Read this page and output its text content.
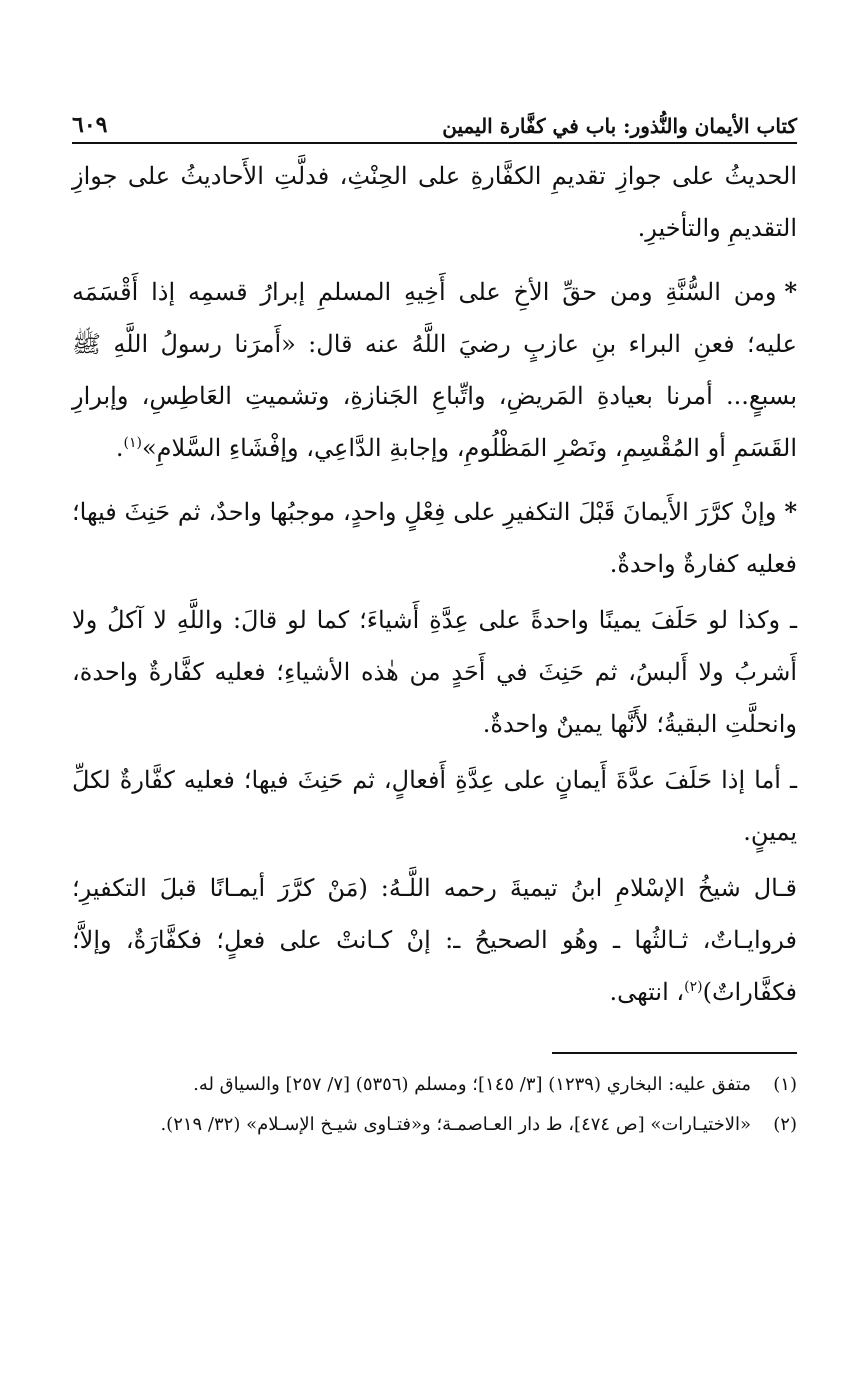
كتاب الأيمان والنُّذور: باب في كفَّارة اليمين
٦٠٩

الحديثُ على جوازِ تقديمِ الكفَّارةِ على الحِنْثِ، فدلَّتِ الأَحاديثُ على جوازِ التقديمِ والتأخيرِ.

*ومن السُّنَّةِ ومن حقِّ الأخِ على أَخِيهِ المسلمِ إبرارُ قسمِه إذا أَقْسَمَه عليه؛ فعنِ البراء بنِ عازبٍ رضيَ اللَّهُ عنه قال: «أَمرَنا رسولُ اللَّهِ ﷺ بسبعٍ... أمرنا بعيادةِ المَريضِ، واتِّباعِ الجَنازةِ، وتشميتِ العَاطِسِ، وإبرارِ القَسَمِ أو المُقْسِمِ، ونَصْرِ المَظْلُومِ، وإجابةِ الدَّاعِي، وإفْشَاءِ السَّلامِ»$^{(١)}$.

*وإنْ كرَّرَ الأَيمانَ قَبْلَ التكفيرِ على فِعْلٍ واحدٍ، موجبُها واحدٌ، ثم حَنِثَ فيها؛ فعليه كفارةٌ واحدةٌ.

ـ وكذا لو حَلَفَ يمينًا واحدةً على عِدَّةِ أَشياءَ؛ كما لو قالَ: واللَّهِ لا آكلُ ولا أَشربُ ولا أَلبسُ، ثم حَنِثَ في أَحَدٍ من هٰذه الأشياءِ؛ فعليه كفَّارةٌ واحدة، وانحلَّتِ البقيةُ؛ لأَنَّها يمينٌ واحدةٌ.

ـ أما إذا حَلَفَ عدَّةَ أَيمانٍ على عِدَّةِ أَفعالٍ، ثم حَنِثَ فيها؛ فعليه كفَّارةٌ لكلِّ يمينٍ.

قـال شيخُ الإسْلامِ ابنُ تيميةَ رحمه اللَّـهُ: (مَنْ كرَّرَ أيمـانًا قبلَ التكفيرِ؛ فروايـاتٌ، ثـالثُها ـ وهُو الصحيحُ ـ: إنْ كـانتْ على فعلٍ؛ فكفَّارَةٌ، وإلاَّ؛ فكفَّاراتٌ)$^{(٢)}$، انتهى.

(١)
متفق عليه: البخاري (١٢٣٩) [٣/ ١٤٥]؛ ومسلم (٥٣٥٦) [٧/ ٢٥٧] والسياق له.
(٢)
«الاختيـارات» [ص ٤٧٤]، ط دار العـاصمـة؛ و«فتـاوى شيـخ الإسـلام» (٣٢/ ٢١٩).
